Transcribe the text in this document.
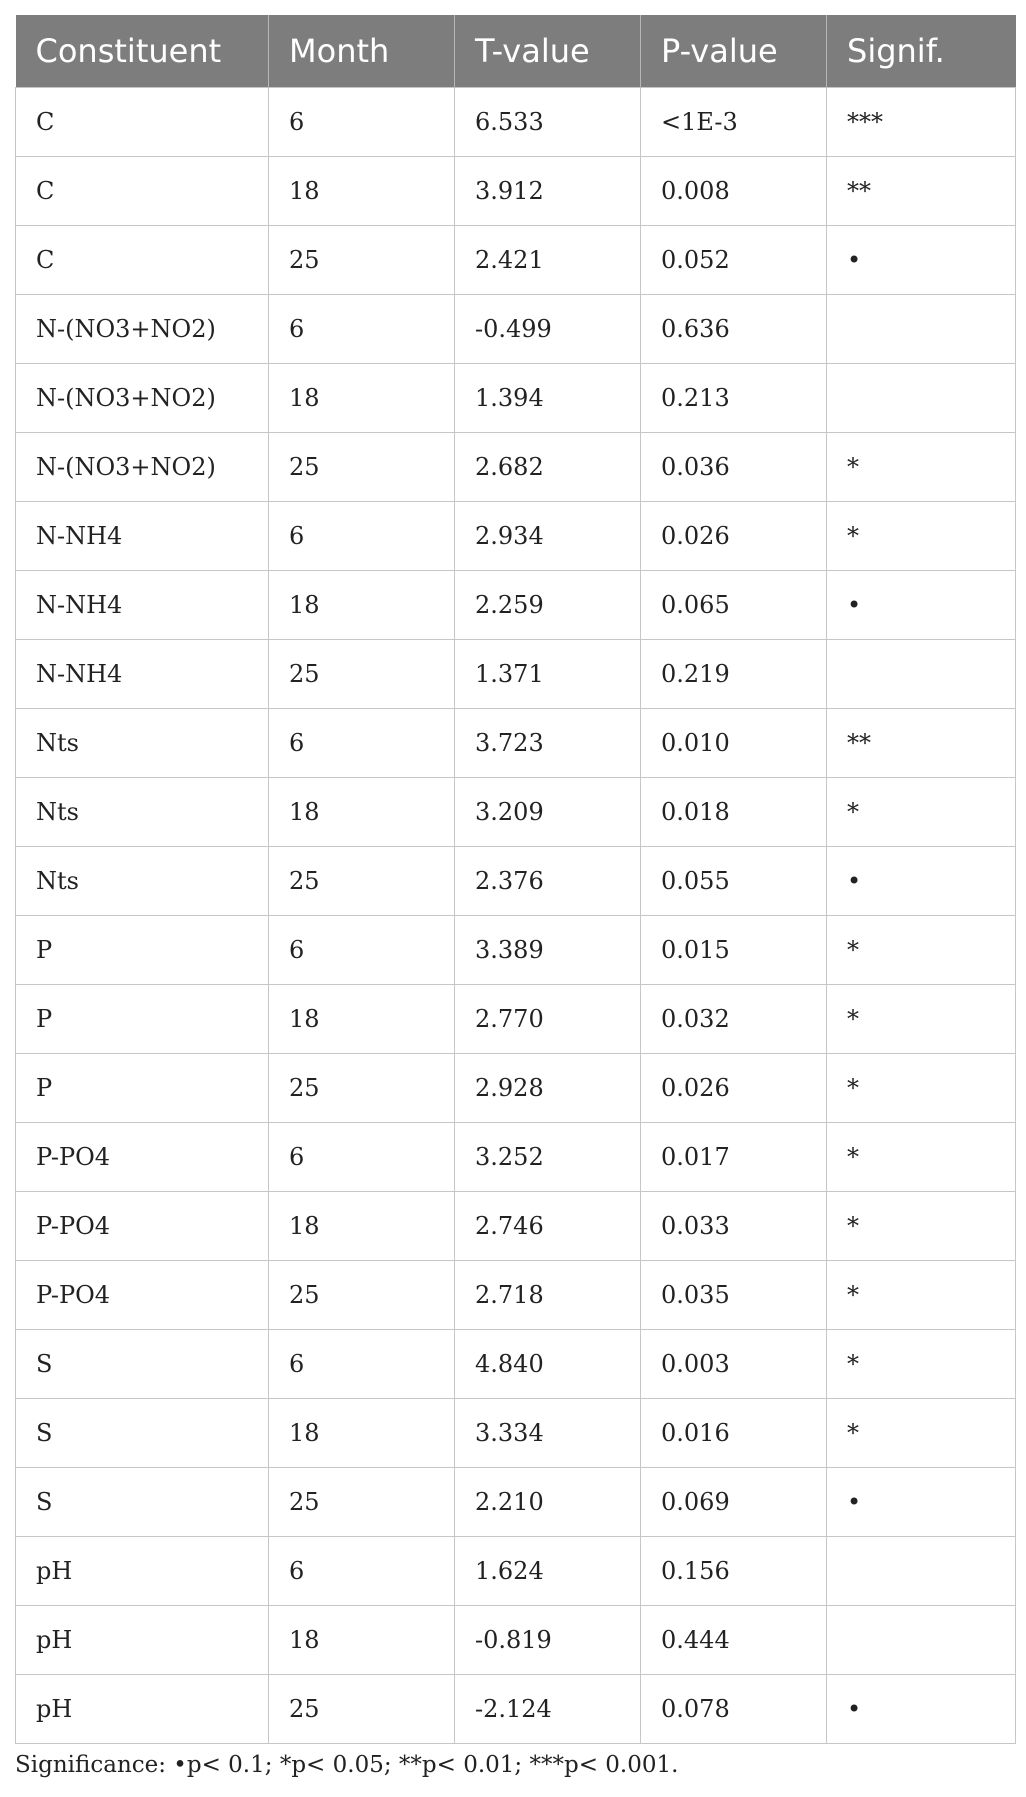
Constituent	Month	T-value	P-value	Signif.
C	6	6.533	<1E-3	***
C	18	3.912	0.008	**
C	25	2.421	0.052	•
N-(NO3+NO2)	6	-0.499	0.636	
N-(NO3+NO2)	18	1.394	0.213	
N-(NO3+NO2)	25	2.682	0.036	*
N-NH4	6	2.934	0.026	*
N-NH4	18	2.259	0.065	•
N-NH4	25	1.371	0.219	
Nts	6	3.723	0.010	**
Nts	18	3.209	0.018	*
Nts	25	2.376	0.055	•
P	6	3.389	0.015	*
P	18	2.770	0.032	*
P	25	2.928	0.026	*
P-PO4	6	3.252	0.017	*
P-PO4	18	2.746	0.033	*
P-PO4	25	2.718	0.035	*
S	6	4.840	0.003	*
S	18	3.334	0.016	*
S	25	2.210	0.069	•
pH	6	1.624	0.156	
pH	18	-0.819	0.444	
pH	25	-2.124	0.078	•
Significance: •p< 0.1; *p< 0.05; **p< 0.01; ***p< 0.001.
